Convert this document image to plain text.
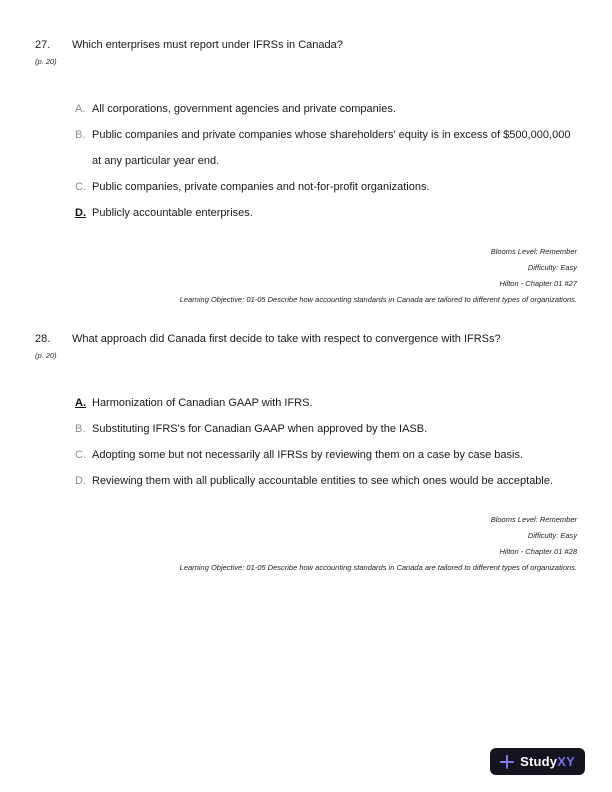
27.	Which enterprises must report under IFRSs in Canada?
(p. 20)
A. All corporations, government agencies and private companies.
B. Public companies and private companies whose shareholders' equity is in excess of $500,000,000 at any particular year end.
C. Public companies, private companies and not-for-profit organizations.
D. Publicly accountable enterprises.
Blooms Level: Remember
Difficulty: Easy
Hilton - Chapter 01 #27
Learning Objective: 01-05 Describe how accounting standards in Canada are tailored to different types of organizations.
28.	What approach did Canada first decide to take with respect to convergence with IFRSs?
(p. 20)
A. Harmonization of Canadian GAAP with IFRS.
B. Substituting IFRS's for Canadian GAAP when approved by the IASB.
C. Adopting some but not necessarily all IFRSs by reviewing them on a case by case basis.
D. Reviewing them with all publically accountable entities to see which ones would be acceptable.
Blooms Level: Remember
Difficulty: Easy
Hilton - Chapter 01 #28
Learning Objective: 01-05 Describe how accounting standards in Canada are tailored to different types of organizations.
StudyXY
